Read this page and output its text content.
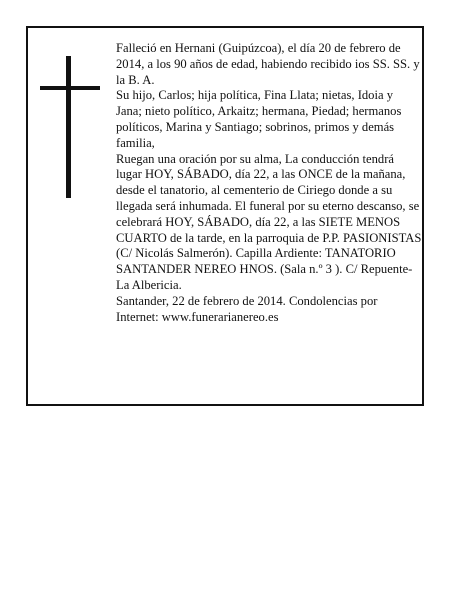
Falleció en Hernani (Guipúzcoa), el día 20 de febrero de 2014, a los 90 años de edad, habiendo recibido ios SS. SS. y la B. A.

Su hijo, Carlos; hija política, Fina Llata; nietas, Idoia y Jana; nieto político, Arkaitz; hermana, Piedad; hermanos políticos, Marina y Santiago; sobrinos, primos y demás familia,

Ruegan una oración por su alma, La conducción tendrá lugar HOY, SÁBADO, día 22, a las ONCE de la mañana, desde el tanatorio, al cementerio de Ciriego donde a su llegada será inhumada. El funeral por su eterno descanso, se celebrará HOY, SÁBADO, día 22, a las SIETE MENOS CUARTO de la tarde, en la parroquia de P.P. PASIONISTAS (C/ Nicolás Salmerón). Capilla Ardiente: TANATORIO SANTANDER NEREO HNOS. (Sala n.º 3 ). C/ Repuente-La Albericia.

Santander, 22 de febrero de 2014. Condolencias por Internet: www.funerarianereo.es
